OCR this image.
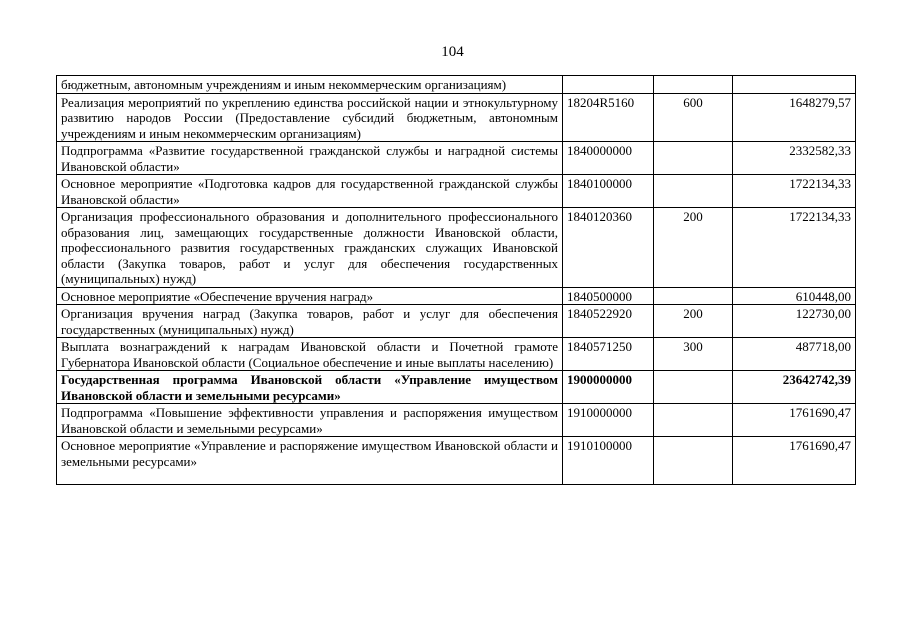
104
бюджетным, автономным учреждениям и иным некоммерческим организациям)			
Реализация мероприятий по укреплению единства российской нации и этнокультурному развитию народов России (Предоставление субсидий бюджетным, автономным учреждениям и иным некоммерческим организациям)	18204R5160	600	1648279,57
Подпрограмма «Развитие государственной гражданской службы и наградной системы Ивановской области»	1840000000		2332582,33
Основное мероприятие «Подготовка кадров для государственной гражданской службы Ивановской области»	1840100000		1722134,33
Организация профессионального образования и дополнительного профессионального образования лиц, замещающих государственные должности Ивановской области, профессионального развития государственных гражданских служащих Ивановской области (Закупка товаров, работ и услуг для обеспечения государственных (муниципальных) нужд)	1840120360	200	1722134,33
Основное мероприятие «Обеспечение вручения наград»	1840500000		610448,00
Организация вручения наград (Закупка товаров, работ и услуг для обеспечения государственных (муниципальных) нужд)	1840522920	200	122730,00
Выплата вознаграждений к наградам Ивановской области и Почетной грамоте Губернатора Ивановской области (Социальное обеспечение и иные выплаты населению)	1840571250	300	487718,00
Государственная программа Ивановской области «Управление имуществом Ивановской области и земельными ресурсами»	1900000000		23642742,39
Подпрограмма «Повышение эффективности управления и распоряжения имуществом Ивановской области и земельными ресурсами»	1910000000		1761690,47
Основное мероприятие «Управление и распоряжение имуществом Ивановской области и земельными ресурсами»	1910100000		1761690,47
